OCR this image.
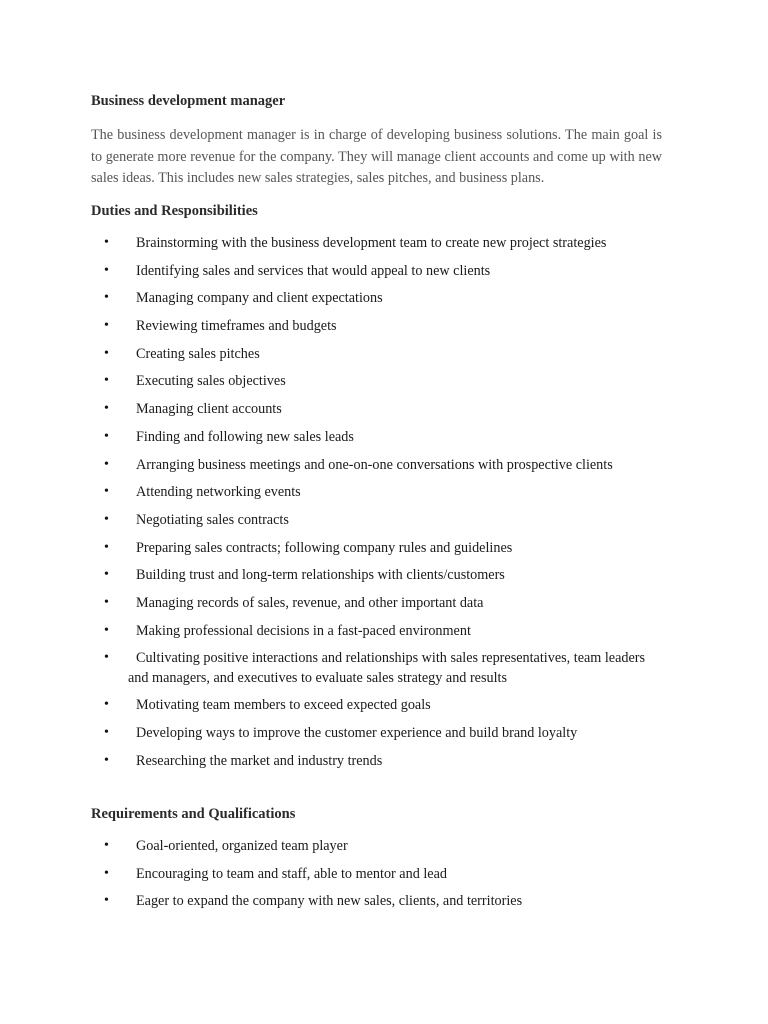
Business development manager
The business development manager is in charge of developing business solutions. The main goal is to generate more revenue for the company. They will manage client accounts and come up with new sales ideas. This includes new sales strategies, sales pitches, and business plans.
Duties and Responsibilities
• Brainstorming with the business development team to create new project strategies
• Identifying sales and services that would appeal to new clients
• Managing company and client expectations
• Reviewing timeframes and budgets
• Creating sales pitches
• Executing sales objectives
• Managing client accounts
• Finding and following new sales leads
• Arranging business meetings and one-on-one conversations with prospective clients
• Attending networking events
• Negotiating sales contracts
• Preparing sales contracts; following company rules and guidelines
• Building trust and long-term relationships with clients/customers
• Managing records of sales, revenue, and other important data
• Making professional decisions in a fast-paced environment
• Cultivating positive interactions and relationships with sales representatives, team leaders
and managers, and executives to evaluate sales strategy and results
• Motivating team members to exceed expected goals
• Developing ways to improve the customer experience and build brand loyalty
• Researching the market and industry trends
Requirements and Qualifications
• Goal-oriented, organized team player
• Encouraging to team and staff, able to mentor and lead
• Eager to expand the company with new sales, clients, and territories
